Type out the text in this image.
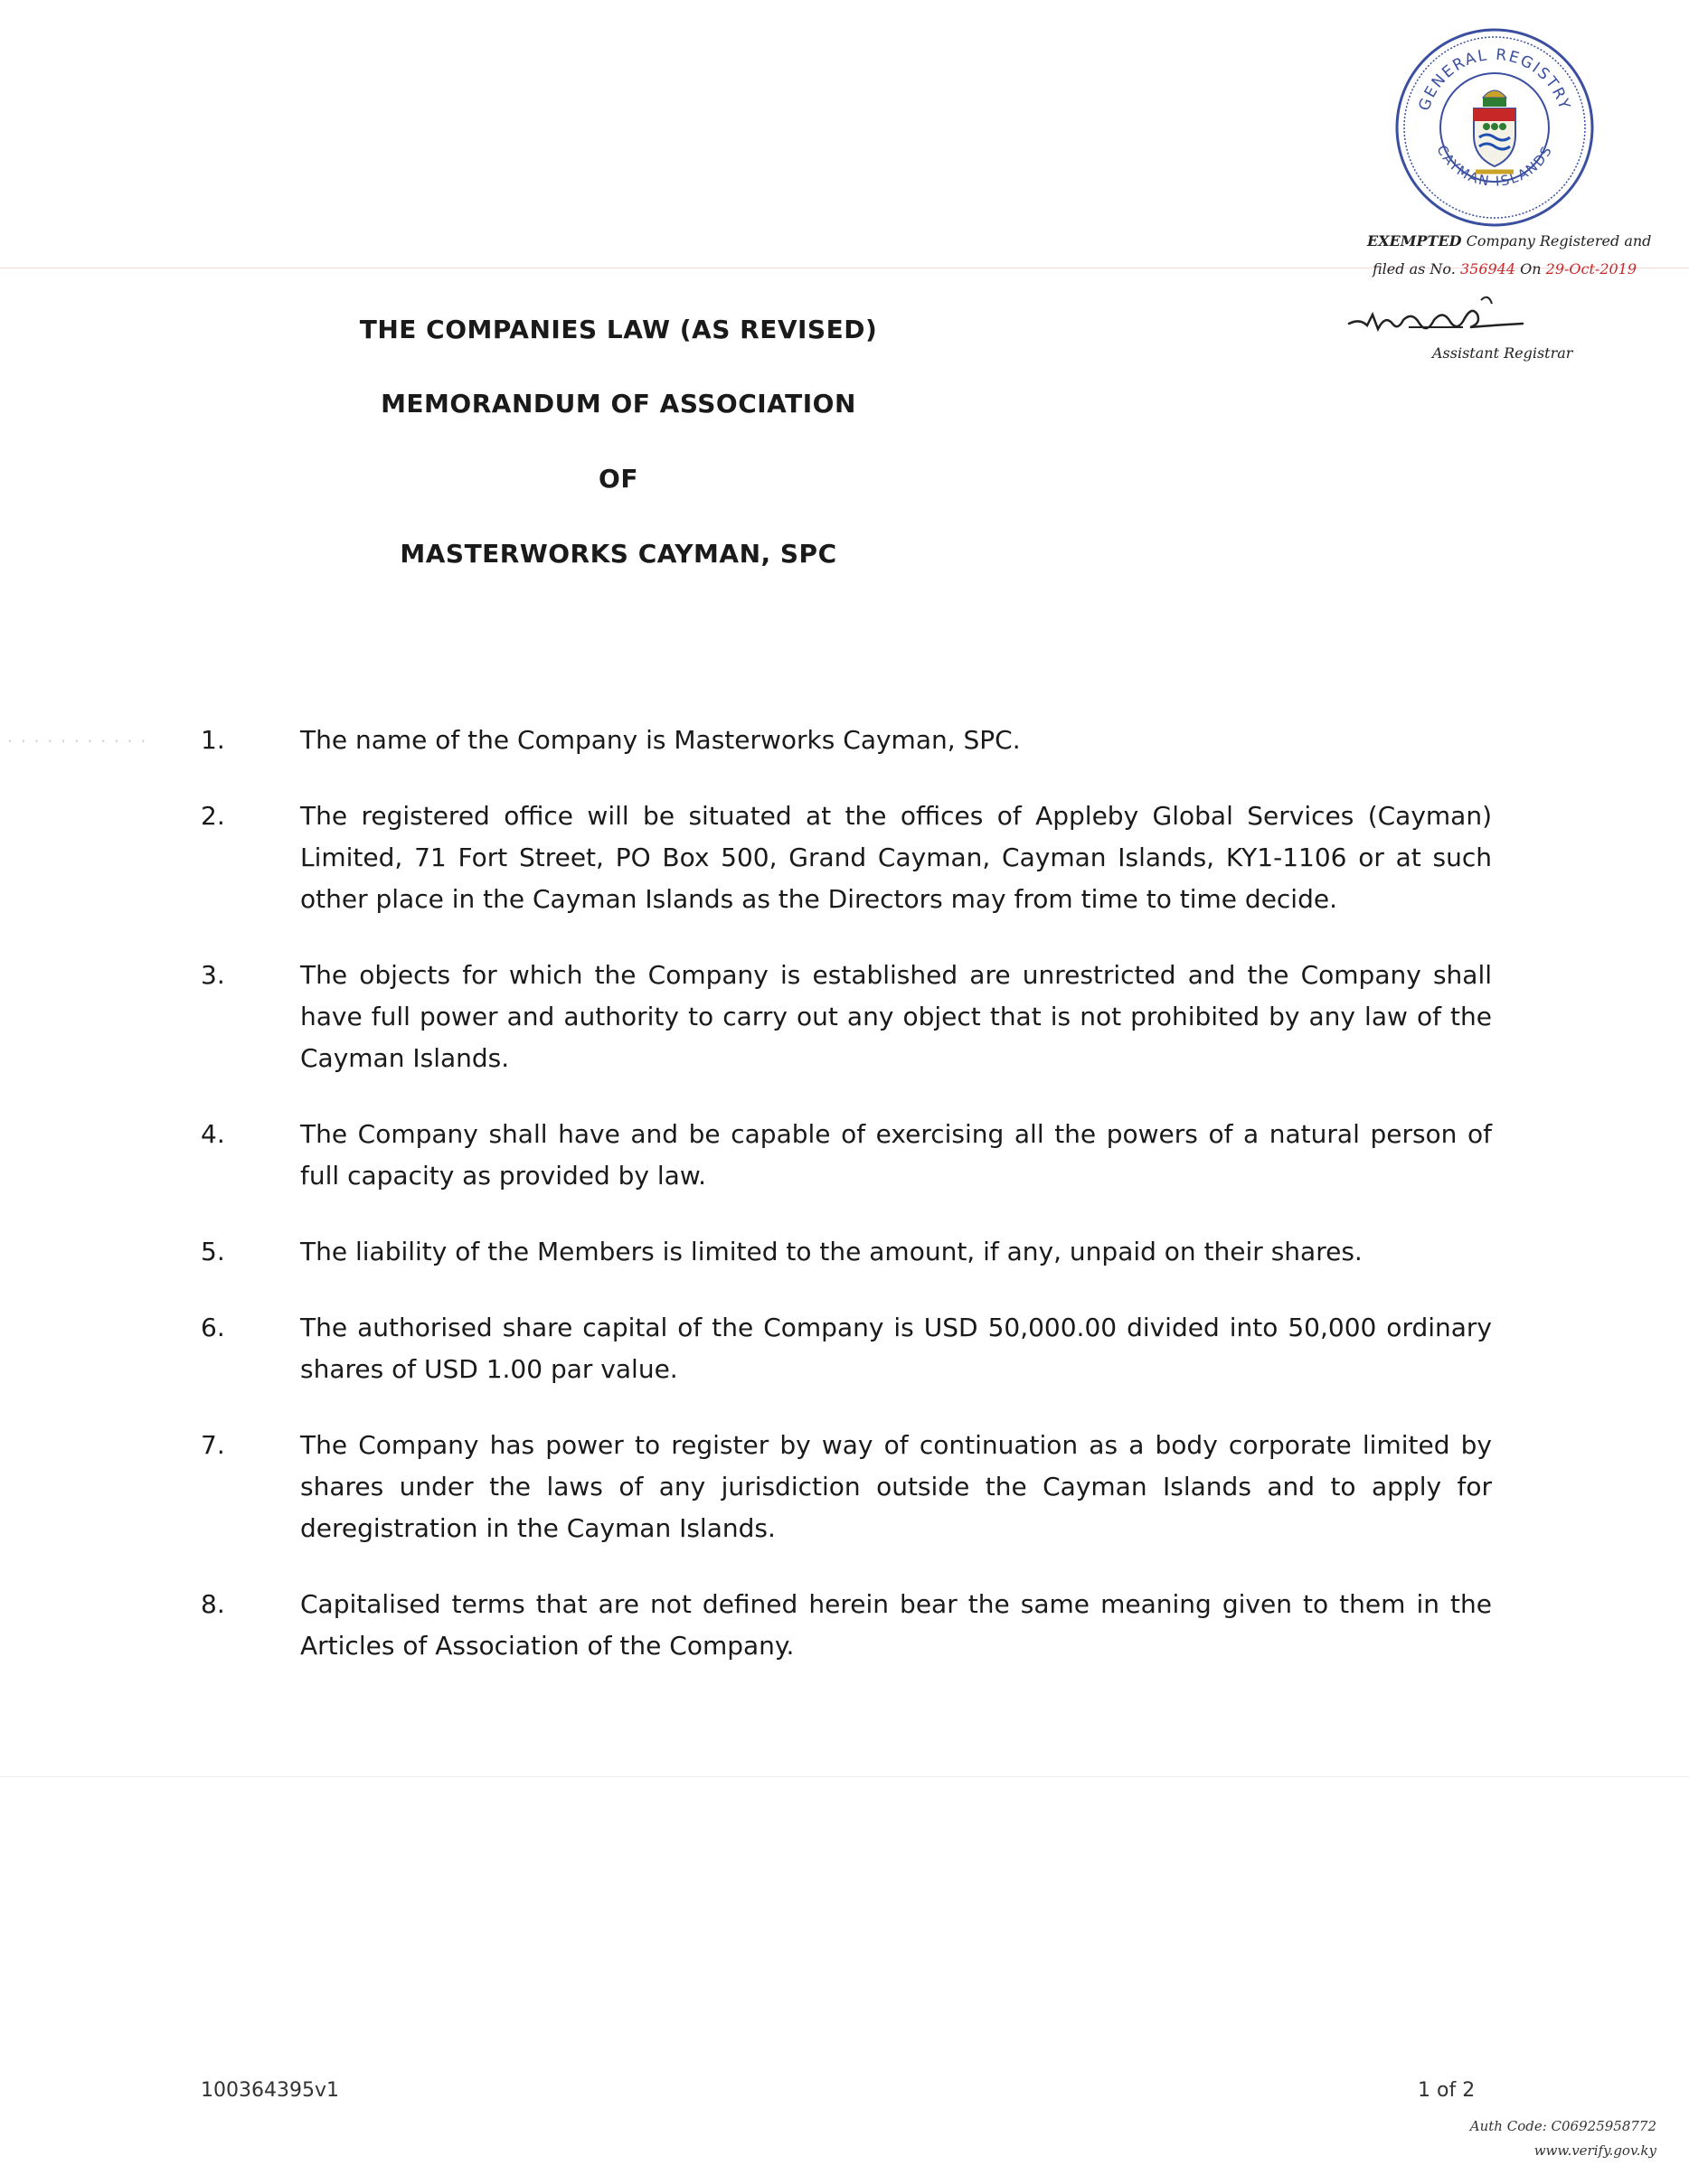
GENERAL REGISTRY
CAYMAN ISLANDS
EXEMPTED Company Registered and
filed as No. 356944 On 29-Oct-2019
Assistant Registrar
THE COMPANIES LAW (AS REVISED)
MEMORANDUM OF ASSOCIATION
OF
MASTERWORKS CAYMAN, SPC
· · · · · · · · · · · 1.	The name of the Company is Masterworks Cayman, SPC.
2.	The registered office will be situated at the offices of Appleby Global Services (Cayman) Limited, 71 Fort Street, PO Box 500, Grand Cayman, Cayman Islands, KY1-1106 or at such other place in the Cayman Islands as the Directors may from time to time decide.
3.	The objects for which the Company is established are unrestricted and the Company shall have full power and authority to carry out any object that is not prohibited by any law of the Cayman Islands.
4.	The Company shall have and be capable of exercising all the powers of a natural person of full capacity as provided by law.
5.	The liability of the Members is limited to the amount, if any, unpaid on their shares.
6.	The authorised share capital of the Company is USD 50,000.00 divided into 50,000 ordinary shares of USD 1.00 par value.
7.	The Company has power to register by way of continuation as a body corporate limited by shares under the laws of any jurisdiction outside the Cayman Islands and to apply for deregistration in the Cayman Islands.
8.	Capitalised terms that are not defined herein bear the same meaning given to them in the Articles of Association of the Company.
100364395v1	1 of 2
Auth Code: C06925958772
www.verify.gov.ky
